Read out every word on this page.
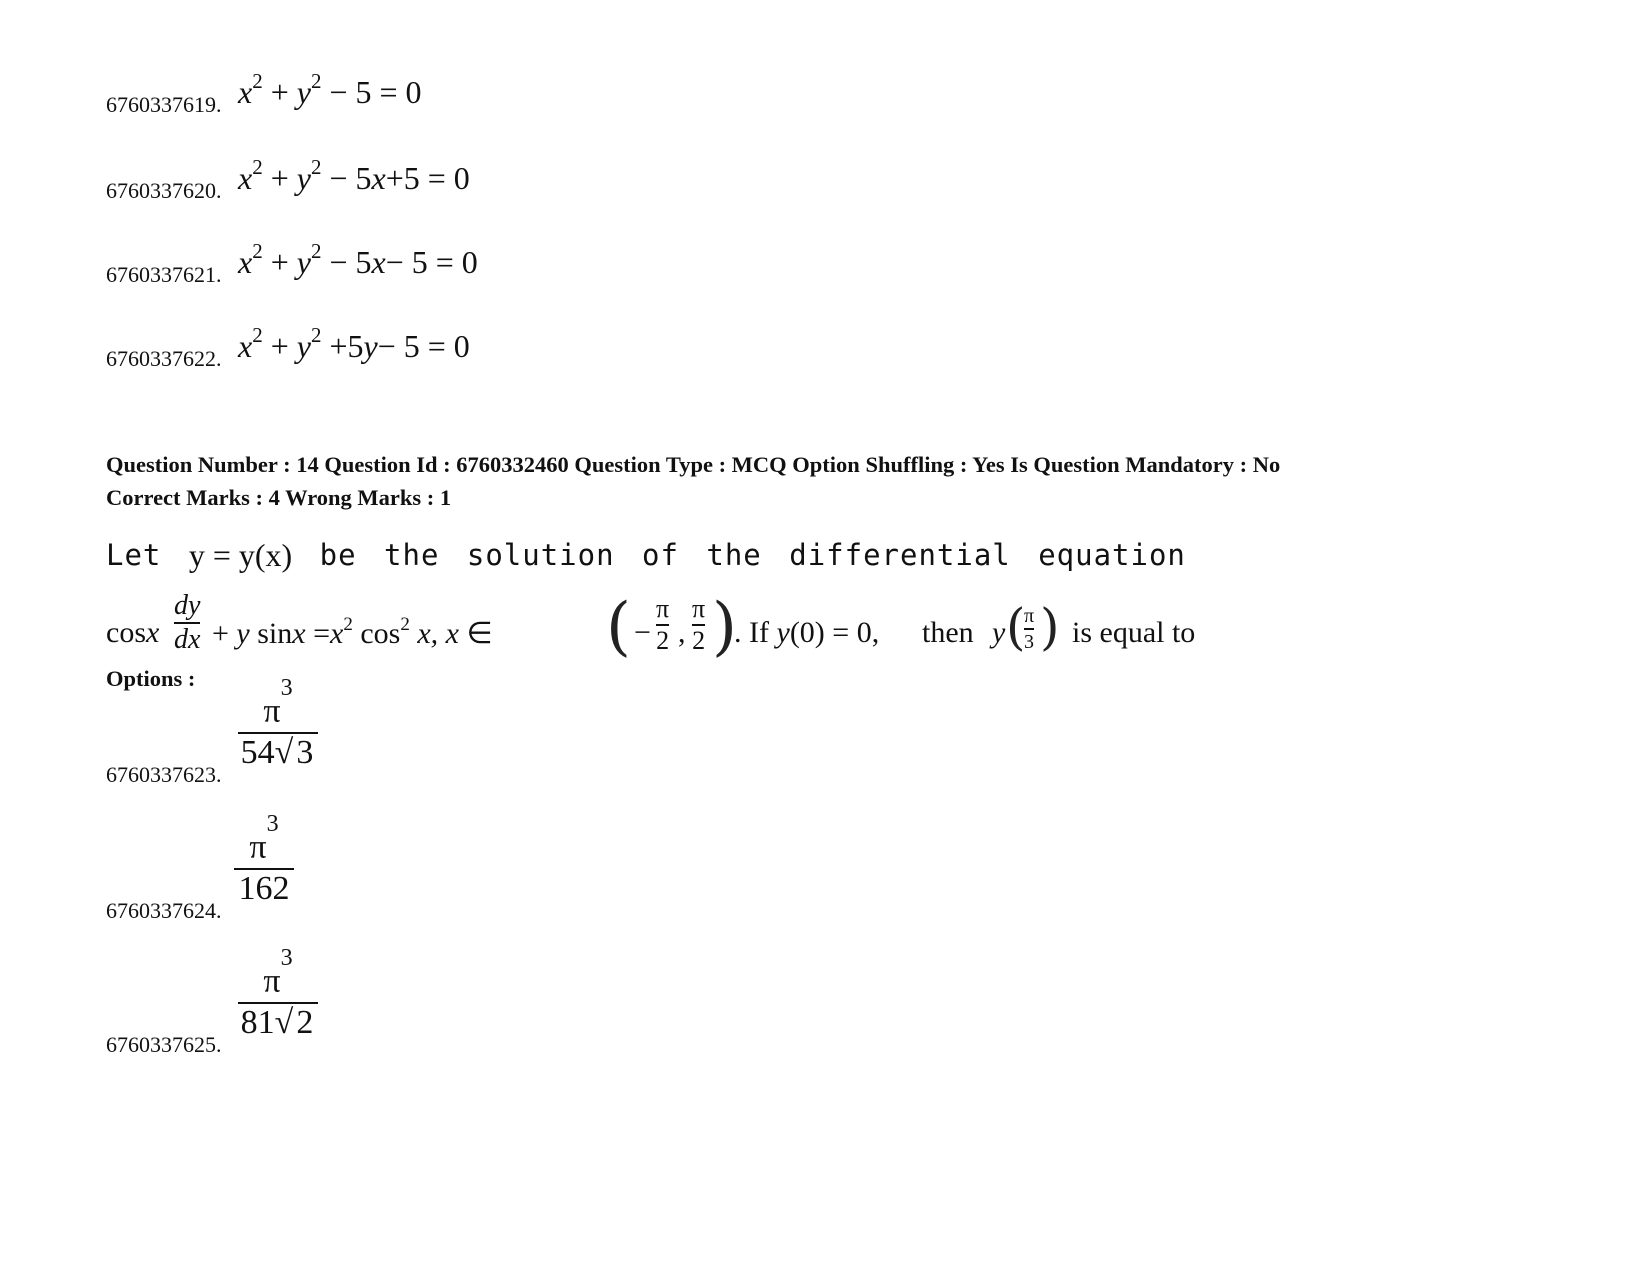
6760337619. $x^2 + y^2 - 5 = 0$
6760337620. $x^2 + y^2 - 5x+5 = 0$
6760337621. $x^2 + y^2 - 5x- 5 = 0$
6760337622. $x^2 + y^2 +5y- 5 = 0$
Question Number : 14 Question Id : 6760332460 Question Type : MCQ Option Shuffling : Yes Is Question Mandatory : No
Correct Marks : 4 Wrong Marks : 1
Let y = y(x) be the solution of the differential equation
cosx
dy
dx + y $\sin x =x^2$ $\cos^2 x$, x ∈ ( −
π
2 ,
π
2 )
. If y(0) = 0, then y (
π
3 ) is equal to
Options :
6760337623.
$\pi^3$
54√3
6760337624.
$\pi^3$
162
6760337625.
$\pi^3$
81√2
